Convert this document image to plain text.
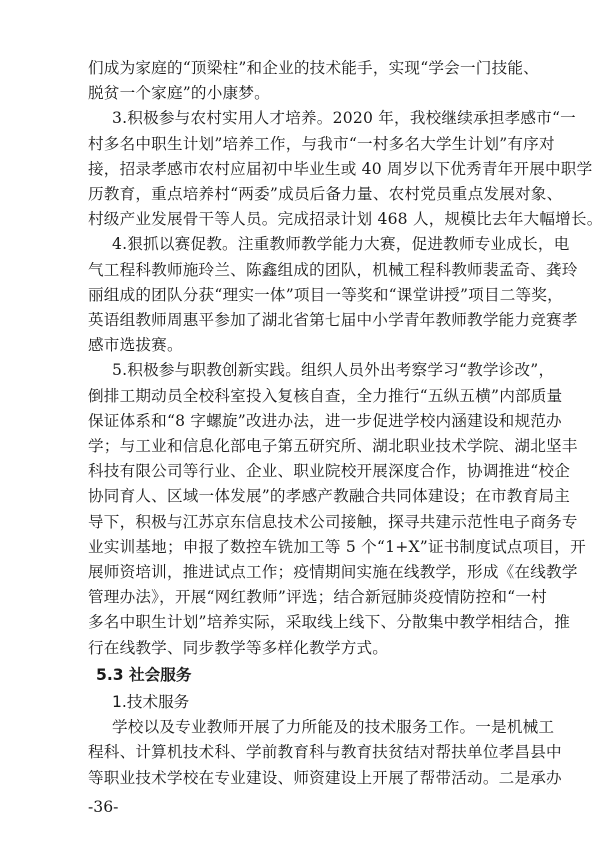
们成为家庭的“顶梁柱”和企业的技术能手，实现“学会一门技能、
脱贫一个家庭”的小康梦。
3.积极参与农村实用人才培养。2020 年，我校继续承担孝感市“一
村多名中职生计划”培养工作，与我市“一村多名大学生计划”有序对
接，招录孝感市农村应届初中毕业生或 40 周岁以下优秀青年开展中职学
历教育，重点培养村“两委”成员后备力量、农村党员重点发展对象、
村级产业发展骨干等人员。完成招录计划 468 人，规模比去年大幅增长。
4.狠抓以赛促教。注重教师教学能力大赛，促进教师专业成长，电
气工程科教师施玲兰、陈鑫组成的团队，机械工程科教师裴孟奇、龚玲
丽组成的团队分获“理实一体”项目一等奖和“课堂讲授”项目二等奖，
英语组教师周惠平参加了湖北省第七届中小学青年教师教学能力竞赛孝
感市选拔赛。
5.积极参与职教创新实践。组织人员外出考察学习“教学诊改”，
倒排工期动员全校科室投入复核自查，全力推行“五纵五横”内部质量
保证体系和“8 字螺旋”改进办法，进一步促进学校内涵建设和规范办
学；与工业和信息化部电子第五研究所、湖北职业技术学院、湖北坚丰
科技有限公司等行业、企业、职业院校开展深度合作，协调推进“校企
协同育人、区域一体发展”的孝感产教融合共同体建设；在市教育局主
导下，积极与江苏京东信息技术公司接触，探寻共建示范性电子商务专
业实训基地；申报了数控车铣加工等 5 个“1+X”证书制度试点项目，开
展师资培训，推进试点工作；疫情期间实施在线教学，形成《在线教学
管理办法》，开展“网红教师”评选；结合新冠肺炎疫情防控和“一村
多名中职生计划”培养实际，采取线上线下、分散集中教学相结合，推
行在线教学、同步教学等多样化教学方式。
5.3 社会服务
1.技术服务
学校以及专业教师开展了力所能及的技术服务工作。一是机械工
程科、计算机技术科、学前教育科与教育扶贫结对帮扶单位孝昌县中
等职业技术学校在专业建设、师资建设上开展了帮带活动。二是承办
-36-
